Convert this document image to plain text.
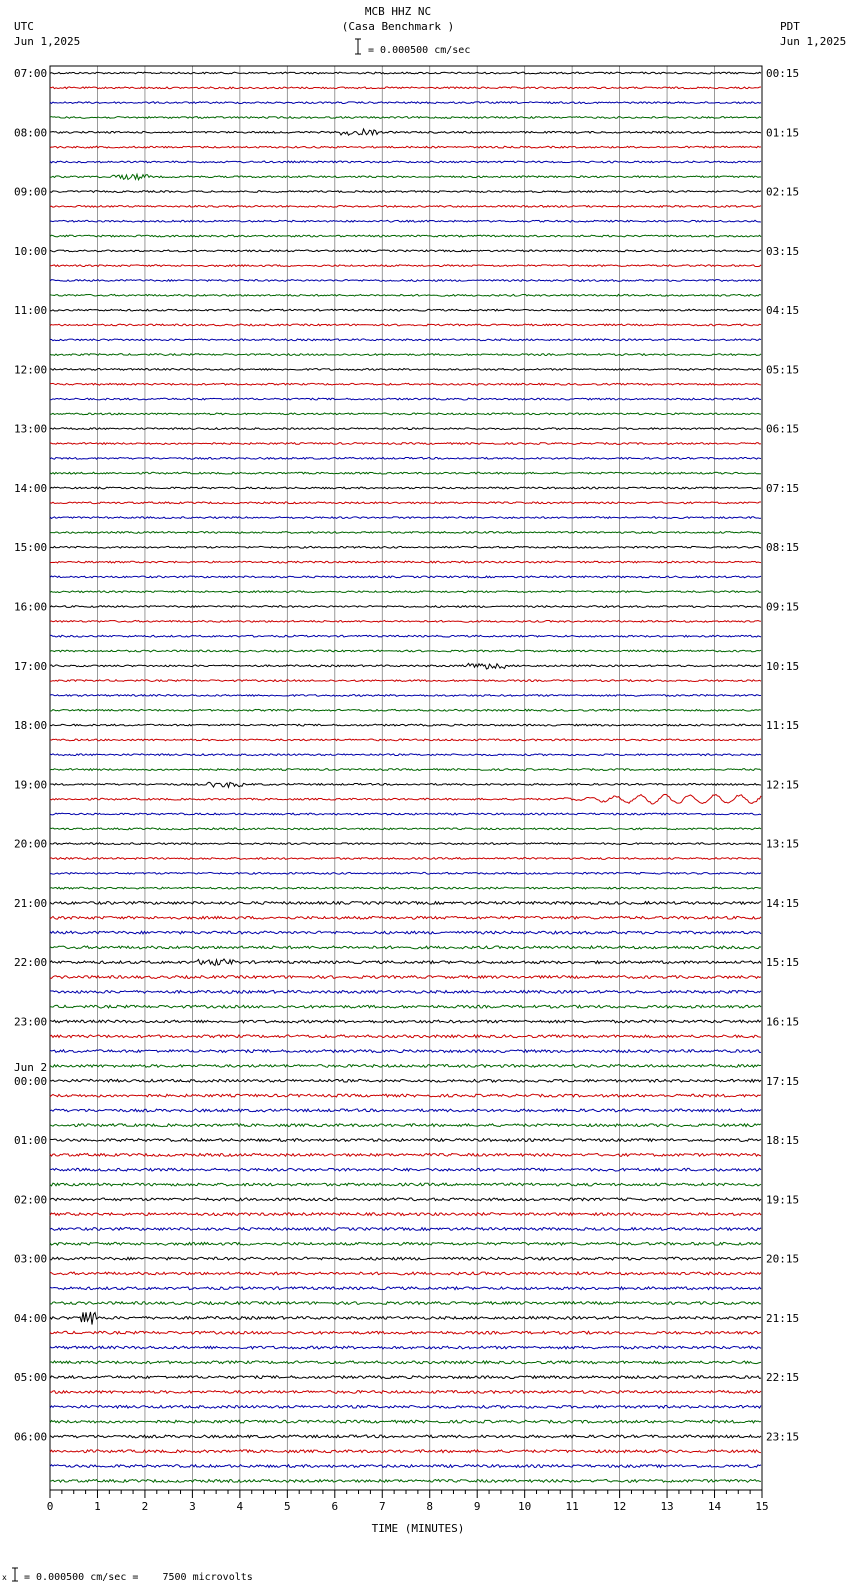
MCB HHZ NC
(Casa Benchmark )
= 0.000500 cm/sec
UTC
Jun 1,2025
PDT
Jun 1,2025
07:00
08:00
09:00
10:00
11:00
12:00
13:00
14:00
15:00
16:00
17:00
18:00
19:00
20:00
21:00
22:00
23:00
00:00
01:00
02:00
03:00
04:00
05:00
06:00
00:15
01:15
02:15
03:15
04:15
05:15
06:15
07:15
08:15
09:15
10:15
11:15
12:15
13:15
14:15
15:15
16:15
17:15
18:15
19:15
20:15
21:15
22:15
23:15
Jun 2
0	1	2	3	4	5	6	7	8	9	10	11	12	13	14	15
TIME (MINUTES)
x = 0.000500 cm/sec =    7500 microvolts
